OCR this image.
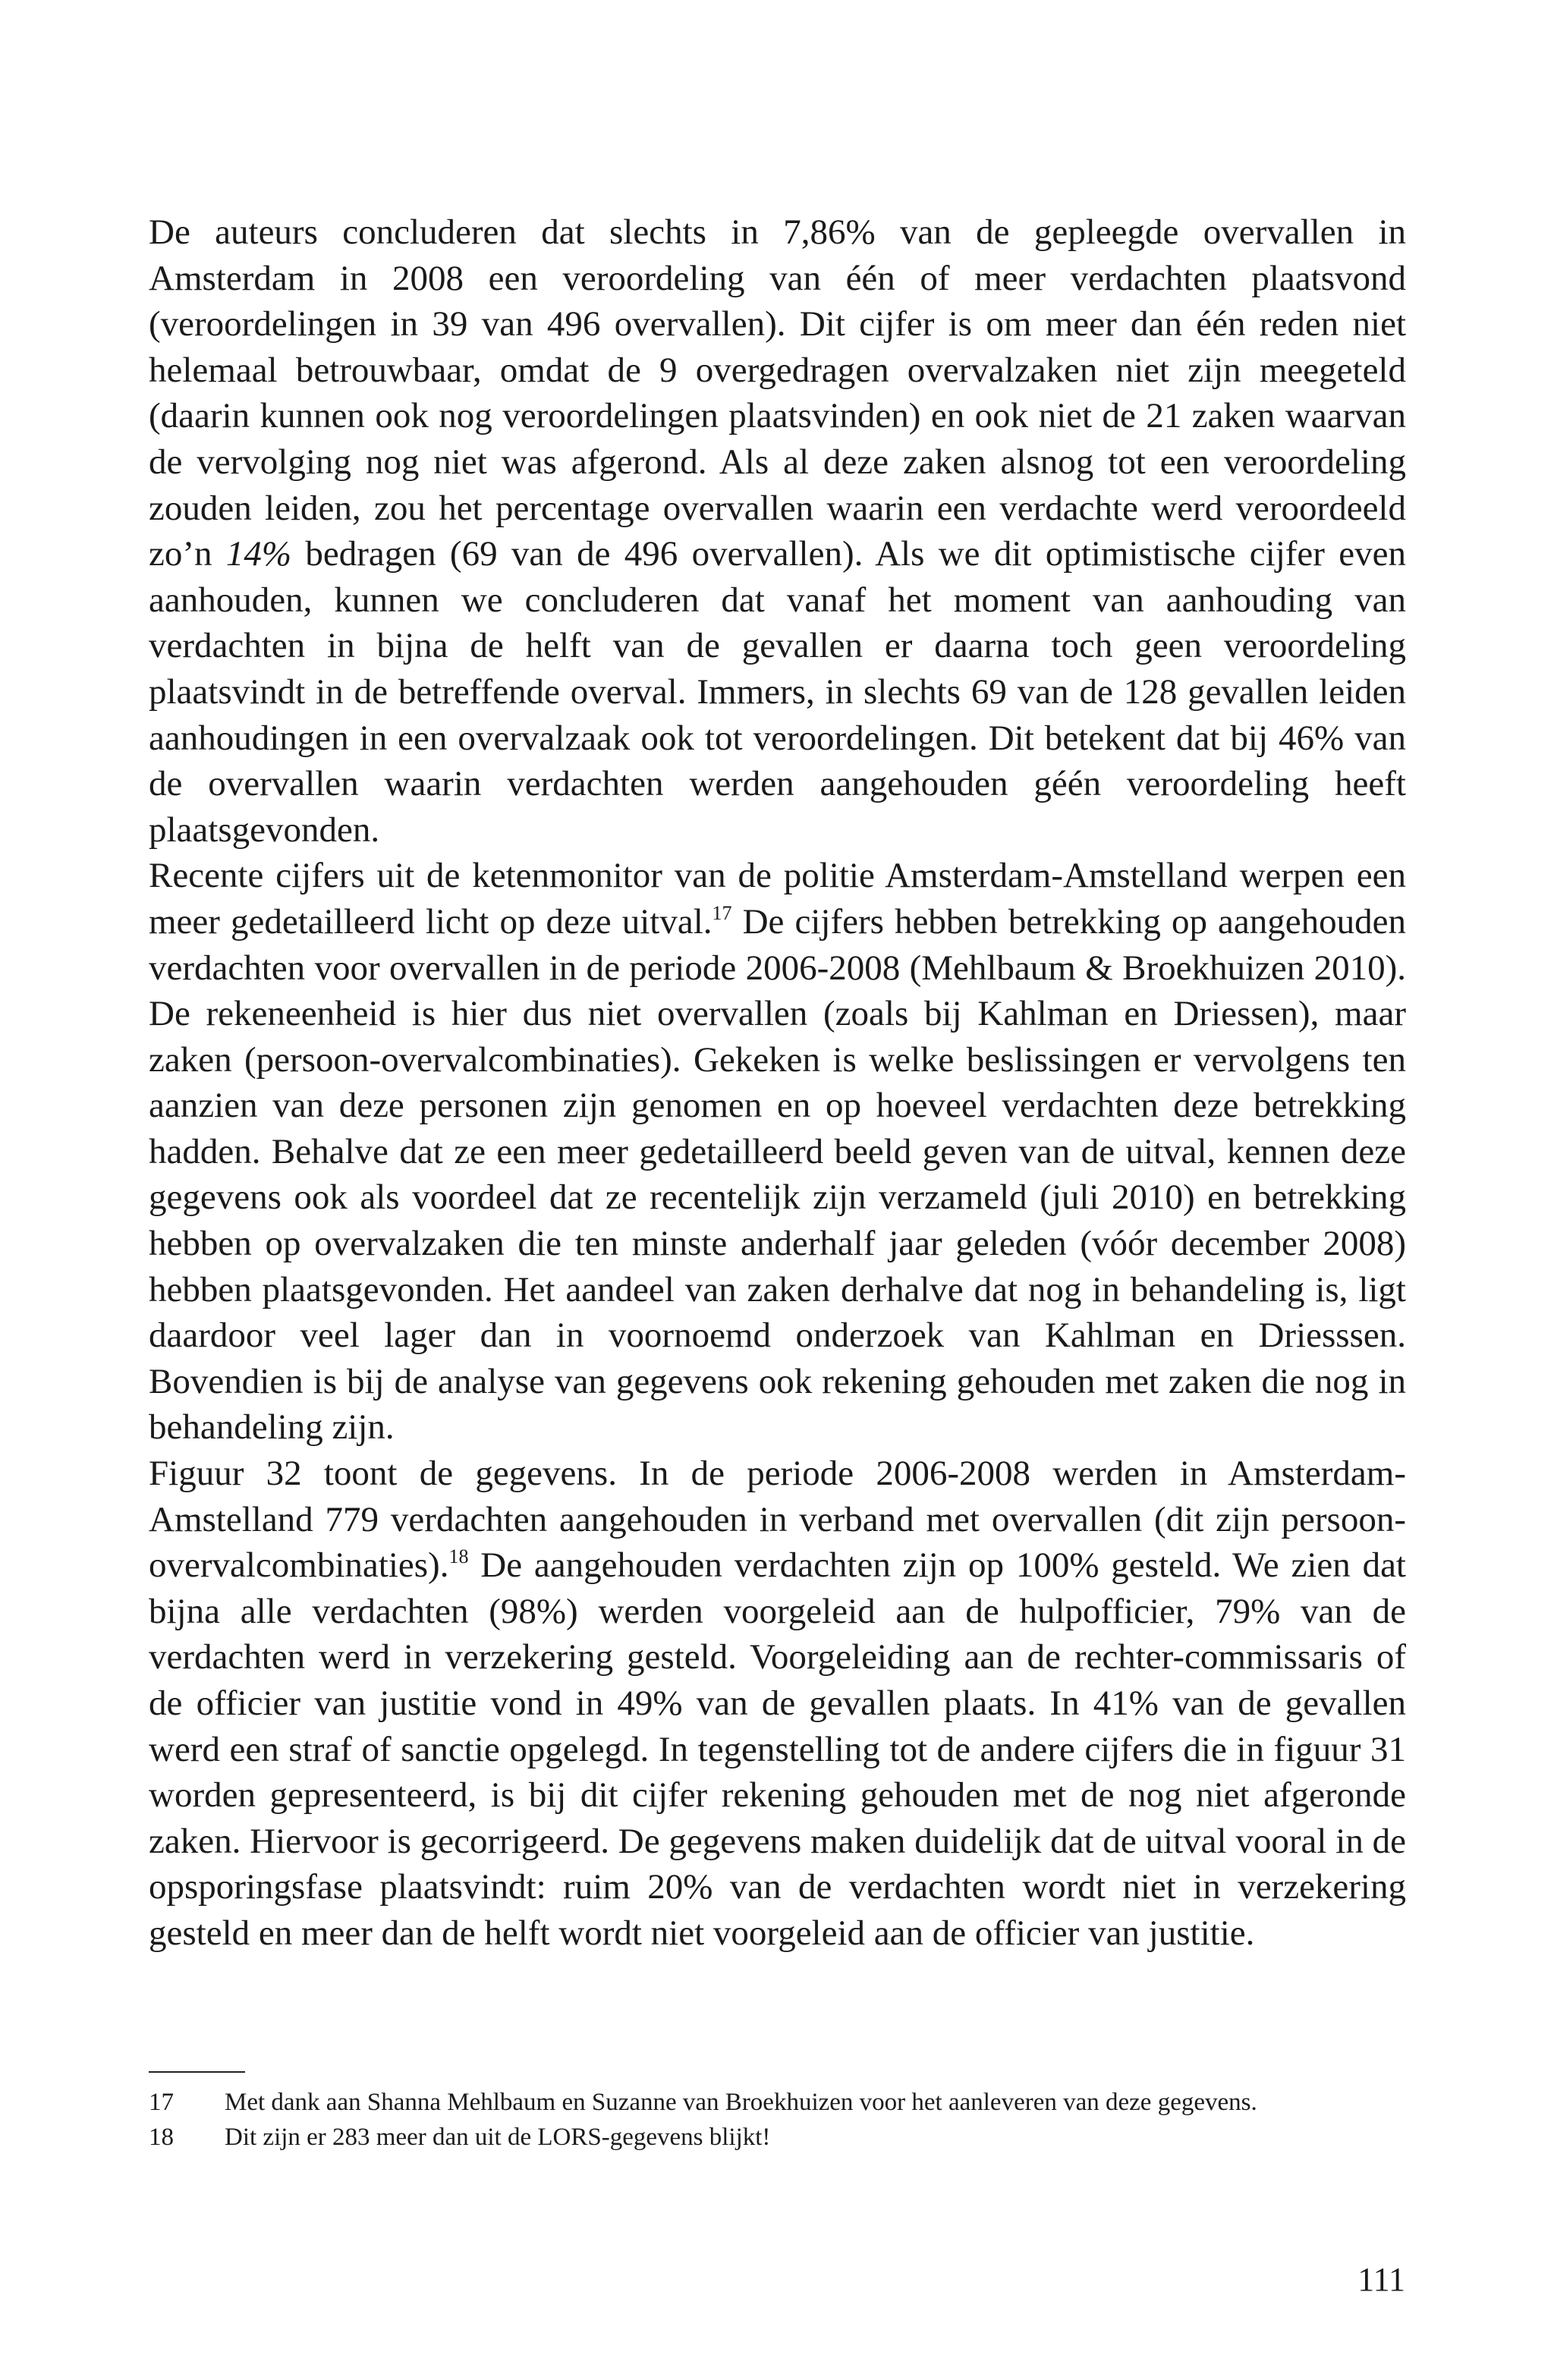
De auteurs concluderen dat slechts in 7,86% van de gepleegde overvallen in Amsterdam in 2008 een veroordeling van één of meer verdachten plaatsvond (veroordelingen in 39 van 496 overvallen). Dit cijfer is om meer dan één reden niet helemaal betrouwbaar, omdat de 9 overgedragen overvalzaken niet zijn meegeteld (daarin kunnen ook nog veroordelingen plaatsvinden) en ook niet de 21 zaken waarvan de vervolging nog niet was afgerond. Als al deze zaken alsnog tot een veroordeling zouden leiden, zou het percentage overvallen waarin een verdachte werd veroordeeld zo’n 14% bedragen (69 van de 496 overvallen). Als we dit optimistische cijfer even aanhouden, kunnen we concluderen dat vanaf het moment van aanhouding van verdachten in bijna de helft van de gevallen er daarna toch geen veroordeling plaatsvindt in de betreffende overval. Immers, in slechts 69 van de 128 gevallen leiden aanhoudingen in een overvalzaak ook tot veroordelingen. Dit betekent dat bij 46% van de overvallen waarin verdachten werden aangehouden géén veroordeling heeft plaatsgevonden.

Recente cijfers uit de ketenmonitor van de politie Amsterdam-Amstelland werpen een meer gedetailleerd licht op deze uitval.$^{17}$ De cijfers hebben betrekking op aangehouden verdachten voor overvallen in de periode 2006-2008 (Mehlbaum & Broekhuizen 2010). De rekeneenheid is hier dus niet overvallen (zoals bij Kahlman en Driessen), maar zaken (persoon-overvalcombinaties). Gekeken is welke beslissingen er vervolgens ten aanzien van deze personen zijn genomen en op hoeveel verdachten deze betrekking hadden. Behalve dat ze een meer gedetailleerd beeld geven van de uitval, kennen deze gegevens ook als voordeel dat ze recentelijk zijn verzameld (juli 2010) en betrekking hebben op overvalzaken die ten minste anderhalf jaar geleden (vóór december 2008) hebben plaatsgevonden. Het aandeel van zaken derhalve dat nog in behandeling is, ligt daardoor veel lager dan in voornoemd onderzoek van Kahlman en Driesssen. Bovendien is bij de analyse van gegevens ook rekening gehouden met zaken die nog in behandeling zijn.

Figuur 32 toont de gegevens. In de periode 2006-2008 werden in Amsterdam-Amstelland 779 verdachten aangehouden in verband met overvallen (dit zijn persoonovervalcombinaties).$^{18}$ De aangehouden verdachten zijn op 100% gesteld. We zien dat bijna alle verdachten (98%) werden voorgeleid aan de hulpofficier, 79% van de verdachten werd in verzekering gesteld. Voorgeleiding aan de rechter-commissaris of de officier van justitie vond in 49% van de gevallen plaats. In 41% van de gevallen werd een straf of sanctie opgelegd. In tegenstelling tot de andere cijfers die in figuur 31 worden gepresenteerd, is bij dit cijfer rekening gehouden met de nog niet afgeronde zaken. Hiervoor is gecorrigeerd. De gegevens maken duidelijk dat de uitval vooral in de opsporingsfase plaatsvindt: ruim 20% van de verdachten wordt niet in verzekering gesteld en meer dan de helft wordt niet voorgeleid aan de officier van justitie.

17	Met dank aan Shanna Mehlbaum en Suzanne van Broekhuizen voor het aanleveren van deze gegevens.
18	Dit zijn er 283 meer dan uit de LORS-gegevens blijkt!
111
